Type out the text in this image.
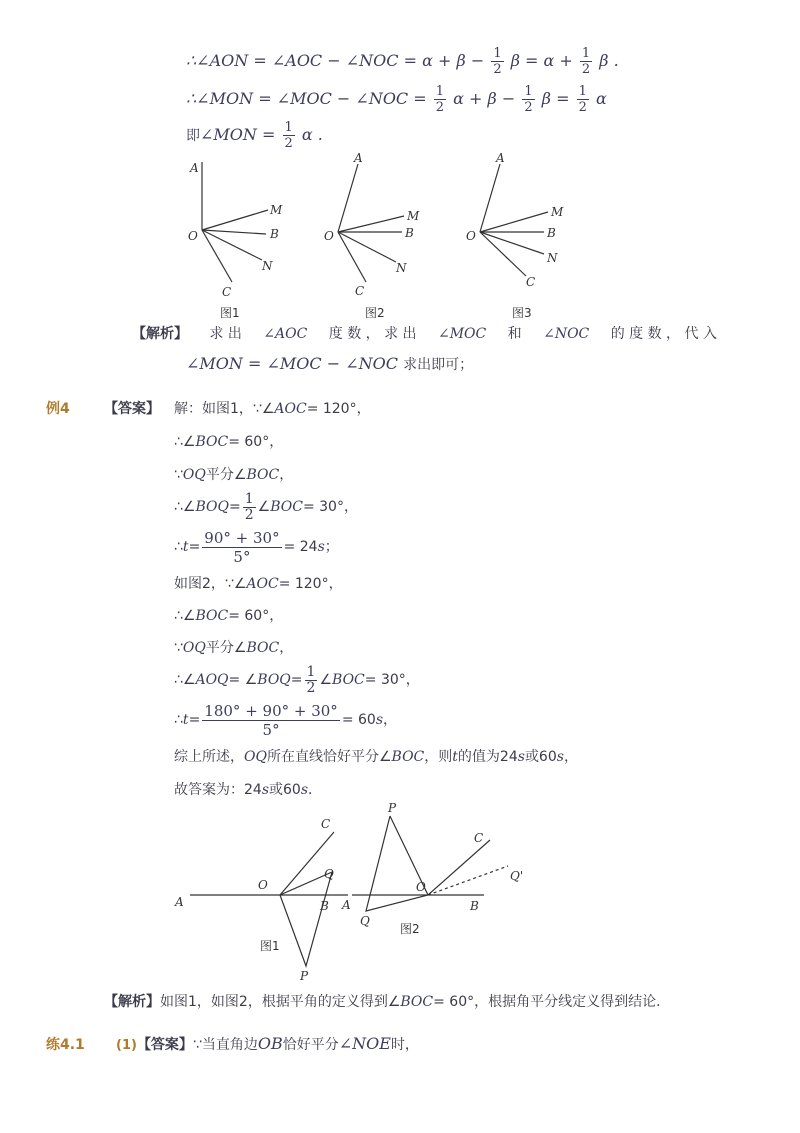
∴∠AON = ∠AOC − ∠NOC = $\alpha + \beta - \frac{1}{2}$ $\beta = \alpha + \frac{1}{2}$ β .
∴∠MON = ∠MOC − ∠NOC = $\frac{1}{2}$ $\alpha + \beta - \frac{1}{2}$ $\beta = \frac{1}{2}$ α
即∠MON = $\frac{1}{2}$ α .
A
O
M
B
N
C
图1
A
O
M
B
N
C
图2
A
O
M
B
N
C
图3
【解析】 求 出 ∠AOC 度 数 ， 求 出 ∠MOC 和 ∠NOC 的 度 数 ， 代 入
∠MON = ∠MOC − ∠NOC 求出即可；
例4 【答案】 解：如图1，∵∠AOC= 120°，
∴∠BOC= 60°，
∵OQ平分∠BOC，
∴∠BOQ= $\frac{1}{2}$ ∠BOC= 30°，
∴t= $\frac{90^\circ + 30^\circ}{5^\circ} = 24s$；
如图2，∵∠AOC= 120°，
∴∠BOC= 60°，
∵OQ平分∠BOC，
∴∠AOQ= ∠BOQ= $\frac{1}{2}$ ∠BOC= 30°，
∴t= $\frac{180^\circ + 90^\circ + 30^\circ}{5^\circ} = 60s$，
综上所述，OQ所在直线恰好平分∠BOC，则t的值为24s或60s，
故答案为：24s或60s．
C
Q
O
A	B
P
图1
P
C
Q'
O
A
Q
B
图2
【解析】如图1，如图2，根据平角的定义得到∠BOC= 60°，根据角平分线定义得到结论．
练4.1 (1)【答案】∵当直角边OB恰好平分∠NOE时，
